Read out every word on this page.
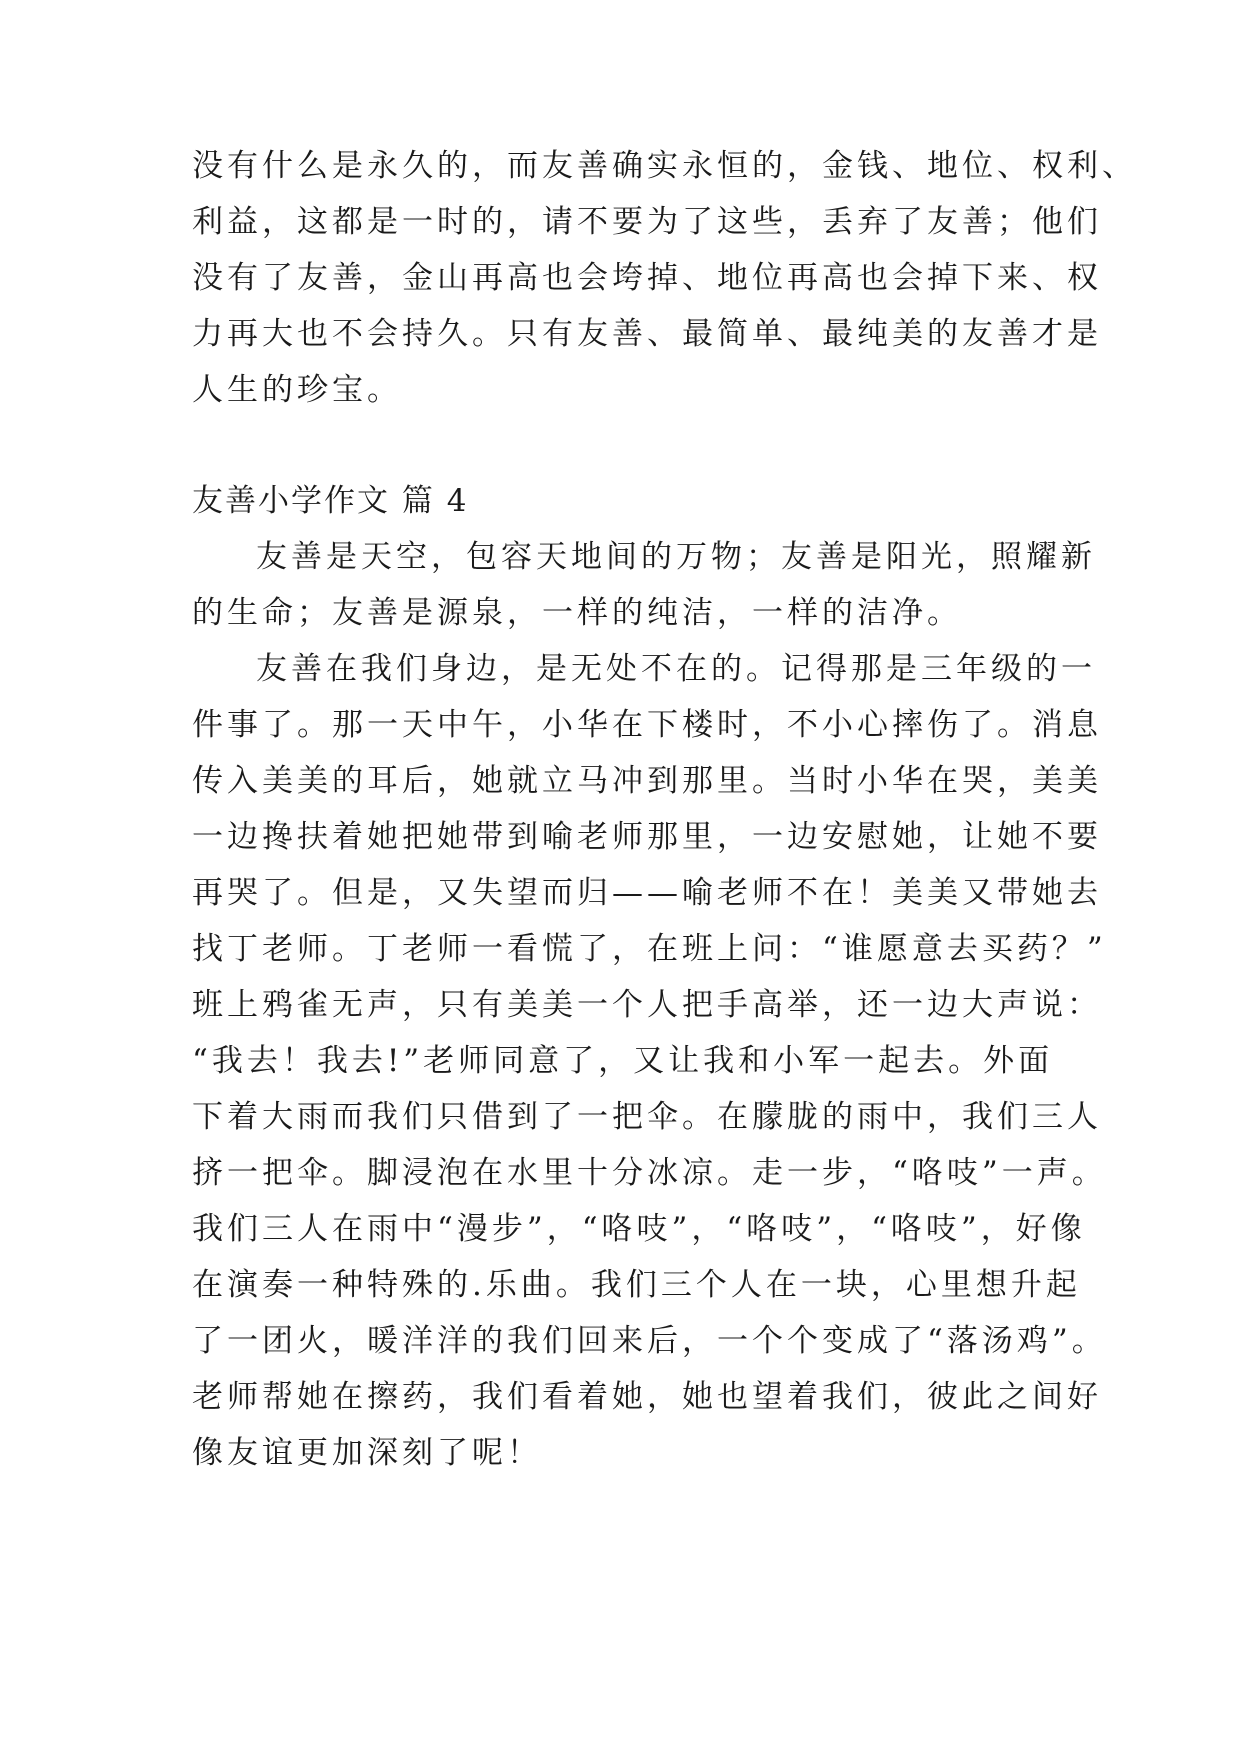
没有什么是永久的，而友善确实永恒的，金钱、地位、权利、

利益，这都是一时的，请不要为了这些，丢弃了友善；他们

没有了友善，金山再高也会垮掉、地位再高也会掉下来、权

力再大也不会持久。只有友善、最简单、最纯美的友善才是

人生的珍宝。

友善小学作文 篇 4

友善是天空，包容天地间的万物；友善是阳光，照耀新

的生命；友善是源泉，一样的纯洁，一样的洁净。

友善在我们身边，是无处不在的。记得那是三年级的一

件事了。那一天中午，小华在下楼时，不小心摔伤了。消息

传入美美的耳后，她就立马冲到那里。当时小华在哭，美美

一边搀扶着她把她带到喻老师那里，一边安慰她，让她不要

再哭了。但是，又失望而归——喻老师不在！美美又带她去

找丁老师。丁老师一看慌了，在班上问：“谁愿意去买药？”

班上鸦雀无声，只有美美一个人把手高举，还一边大声说：

“我去！我去!”老师同意了，又让我和小军一起去。外面

下着大雨而我们只借到了一把伞。在朦胧的雨中，我们三人

挤一把伞。脚浸泡在水里十分冰凉。走一步，“咯吱”一声。

我们三人在雨中“漫步”，“咯吱”，“咯吱”，“咯吱”，好像

在演奏一种特殊的.乐曲。我们三个人在一块，心里想升起

了一团火，暖洋洋的我们回来后，一个个变成了“落汤鸡”。

老师帮她在擦药，我们看着她，她也望着我们，彼此之间好

像友谊更加深刻了呢！
